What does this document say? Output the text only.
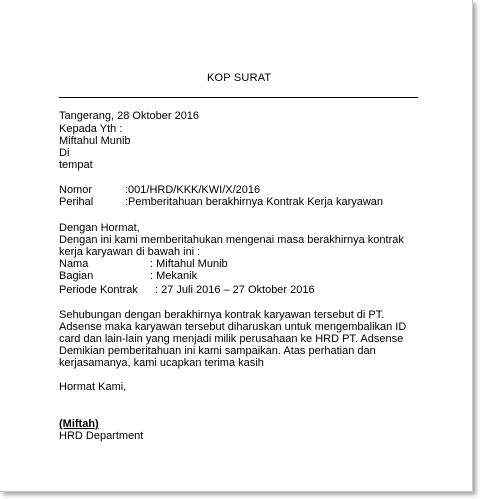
KOP SURAT
Tangerang, 28 Oktober 2016
Kepada Yth :
Miftahul Munib
Di
tempat
Nomor	:001/HRD/KKK/KWI/X/2016
Perihal	:Pemberitahuan berakhirnya Kontrak Kerja karyawan
Dengan Hormat,
Dengan ini kami memberitahukan mengenai masa berakhirnya kontrak
kerja karyawan di bawah ini :
Nama	: Miftahul Munib
Bagian	: Mekanik
Periode Kontrak : 27 Juli 2016 – 27 Oktober 2016
Sehubungan dengan berakhirnya kontrak karyawan tersebut di PT.
Adsense maka karyawan tersebut diharuskan untuk mengembalikan ID
card dan lain-lain yang menjadi milik perusahaan ke HRD PT. Adsense
Demikian pemberitahuan ini kami sampaikan. Atas perhatian dan
kerjasamanya, kami ucapkan terima kasih
Hormat Kami,
(Miftah)
HRD Department
